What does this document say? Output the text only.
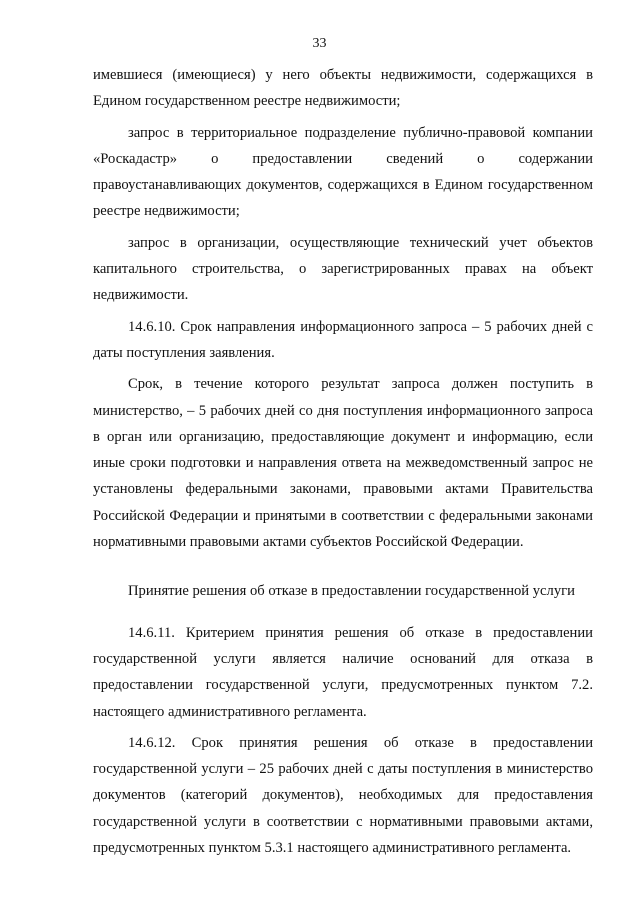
33

имевшиеся (имеющиеся) у него объекты недвижимости, содержащихся в Едином государственном реестре недвижимости;

запрос в территориальное подразделение публично-правовой компании «Роскадастр» о предоставлении сведений о содержании правоустанавливающих документов, содержащихся в Едином государственном реестре недвижимости;

запрос в организации, осуществляющие технический учет объектов капитального строительства, о зарегистрированных правах на объект недвижимости.

14.6.10. Срок направления информационного запроса – 5 рабочих дней с даты поступления заявления.

Срок, в течение которого результат запроса должен поступить в министерство, – 5 рабочих дней со дня поступления информационного запроса в орган или организацию, предоставляющие документ и информацию, если иные сроки подготовки и направления ответа на межведомственный запрос не установлены федеральными законами, правовыми актами Правительства Российской Федерации и принятыми в соответствии с федеральными законами нормативными правовыми актами субъектов Российской Федерации.

Принятие решения об отказе в предоставлении государственной услуги

14.6.11. Критерием принятия решения об отказе в предоставлении государственной услуги является наличие оснований для отказа в предоставлении государственной услуги, предусмотренных пунктом 7.2. настоящего административного регламента.

14.6.12. Срок принятия решения об отказе в предоставлении государственной услуги – 25 рабочих дней с даты поступления в министерство документов (категорий документов), необходимых для предоставления государственной услуги в соответствии с нормативными правовыми актами, предусмотренных пунктом 5.3.1 настоящего административного регламента.
